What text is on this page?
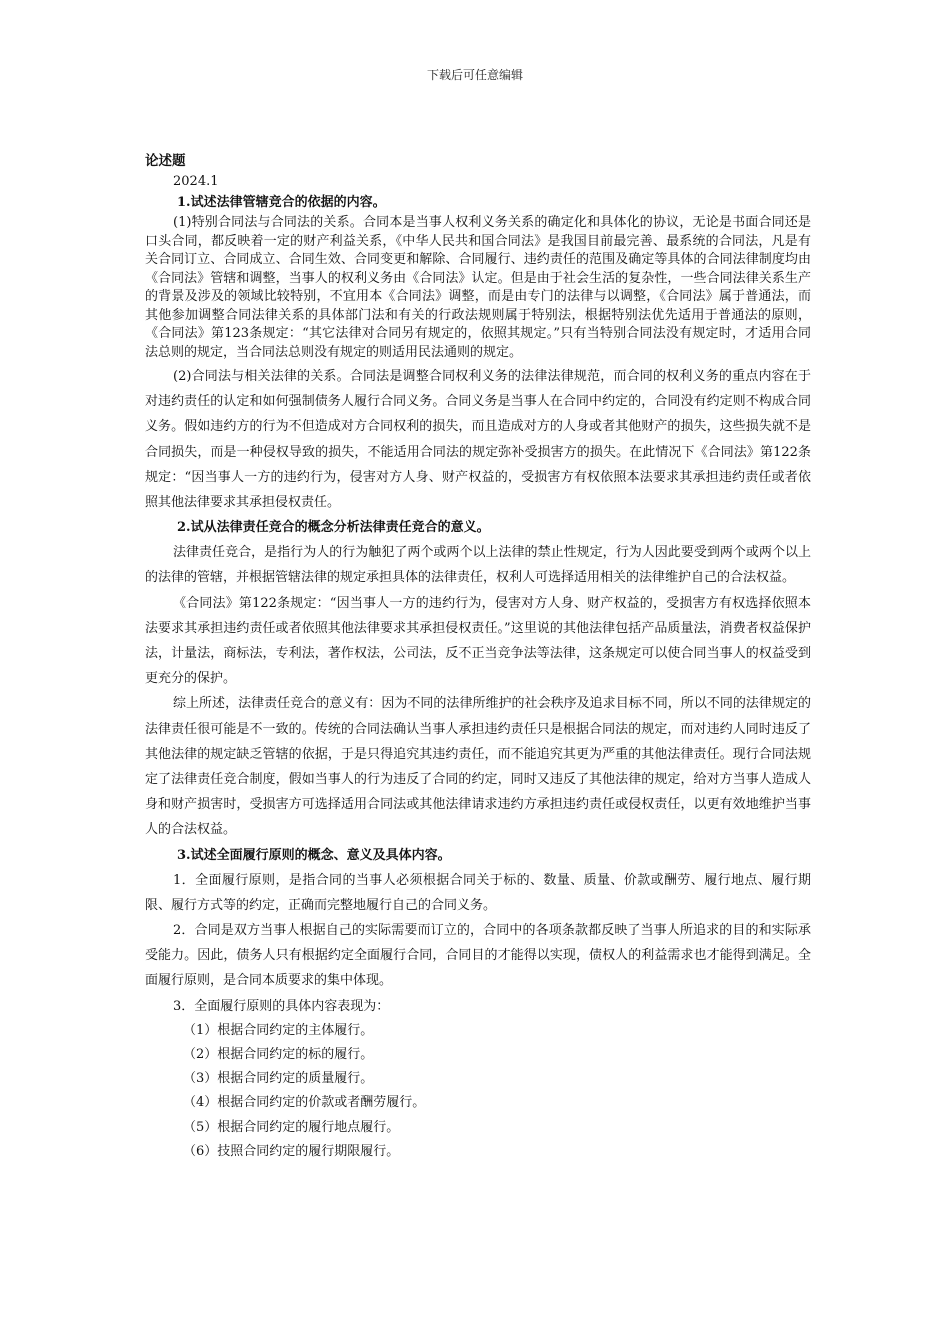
下载后可任意编辑
论述题
2024.1
1.试述法律管辖竞合的依据的内容。
(1)特别合同法与合同法的关系。合同本是当事人权利义务关系的确定化和具体化的协议，无论是书面合同还是口头合同，都反映着一定的财产利益关系，《中华人民共和国合同法》是我国目前最完善、最系统的合同法，凡是有关合同订立、合同成立、合同生效、合同变更和解除、合同履行、违约责任的范围及确定等具体的合同法律制度均由《合同法》管辖和调整，当事人的权利义务由《合同法》认定。但是由于社会生活的复杂性，一些合同法律关系生产的背景及涉及的领域比较特别，不宜用本《合同法》调整，而是由专门的法律与以调整，《合同法》属于普通法，而其他参加调整合同法律关系的具体部门法和有关的行政法规则属于特别法，根据特别法优先适用于普通法的原则，《合同法》第123条规定：“其它法律对合同另有规定的，依照其规定。”只有当特别合同法没有规定时，才适用合同法总则的规定，当合同法总则没有规定的则适用民法通则的规定。
(2)合同法与相关法律的关系。合同法是调整合同权利义务的法律法律规范，而合同的权利义务的重点内容在于对违约责任的认定和如何强制债务人履行合同义务。合同义务是当事人在合同中约定的，合同没有约定则不构成合同义务。假如违约方的行为不但造成对方合同权利的损失，而且造成对方的人身或者其他财产的损失，这些损失就不是合同损失，而是一种侵权导致的损失，不能适用合同法的规定弥补受损害方的损失。在此情况下《合同法》第122条规定：“因当事人一方的违约行为，侵害对方人身、财产权益的，受损害方有权依照本法要求其承担违约责任或者依照其他法律要求其承担侵权责任。
2.试从法律责任竞合的概念分析法律责任竞合的意义。
法律责任竞合，是指行为人的行为触犯了两个或两个以上法律的禁止性规定，行为人因此要受到两个或两个以上的法律的管辖，并根据管辖法律的规定承担具体的法律责任，权利人可选择适用相关的法律维护自己的合法权益。
《合同法》第122条规定：“因当事人一方的违约行为，侵害对方人身、财产权益的，受损害方有权选择依照本法要求其承担违约责任或者依照其他法律要求其承担侵权责任。”这里说的其他法律包括产品质量法，消费者权益保护法，计量法，商标法，专利法，著作权法，公司法，反不正当竞争法等法律，这条规定可以使合同当事人的权益受到更充分的保护。
综上所述，法律责任竞合的意义有：因为不同的法律所维护的社会秩序及追求目标不同，所以不同的法律规定的法律责任很可能是不一致的。传统的合同法确认当事人承担违约责任只是根据合同法的规定，而对违约人同时违反了其他法律的规定缺乏管辖的依据，于是只得追究其违约责任，而不能追究其更为严重的其他法律责任。现行合同法规定了法律责任竞合制度，假如当事人的行为违反了合同的约定，同时又违反了其他法律的规定，给对方当事人造成人身和财产损害时，受损害方可选择适用合同法或其他法律请求违约方承担违约责任或侵权责任，以更有效地维护当事人的合法权益。
3.试述全面履行原则的概念、意义及具体内容。
1．全面履行原则，是指合同的当事人必须根据合同关于标的、数量、质量、价款或酬劳、履行地点、履行期限、履行方式等的约定，正确而完整地履行自己的合同义务。
2．合同是双方当事人根据自己的实际需要而订立的，合同中的各项条款都反映了当事人所追求的目的和实际承受能力。因此，债务人只有根据约定全面履行合同，合同目的才能得以实现，债权人的利益需求也才能得到满足。全面履行原则，是合同本质要求的集中体现。
3．全面履行原则的具体内容表现为：
（1）根据合同约定的主体履行。
（2）根据合同约定的标的履行。
（3）根据合同约定的质量履行。
（4）根据合同约定的价款或者酬劳履行。
（5）根据合同约定的履行地点履行。
（6）技照合同约定的履行期限履行。
